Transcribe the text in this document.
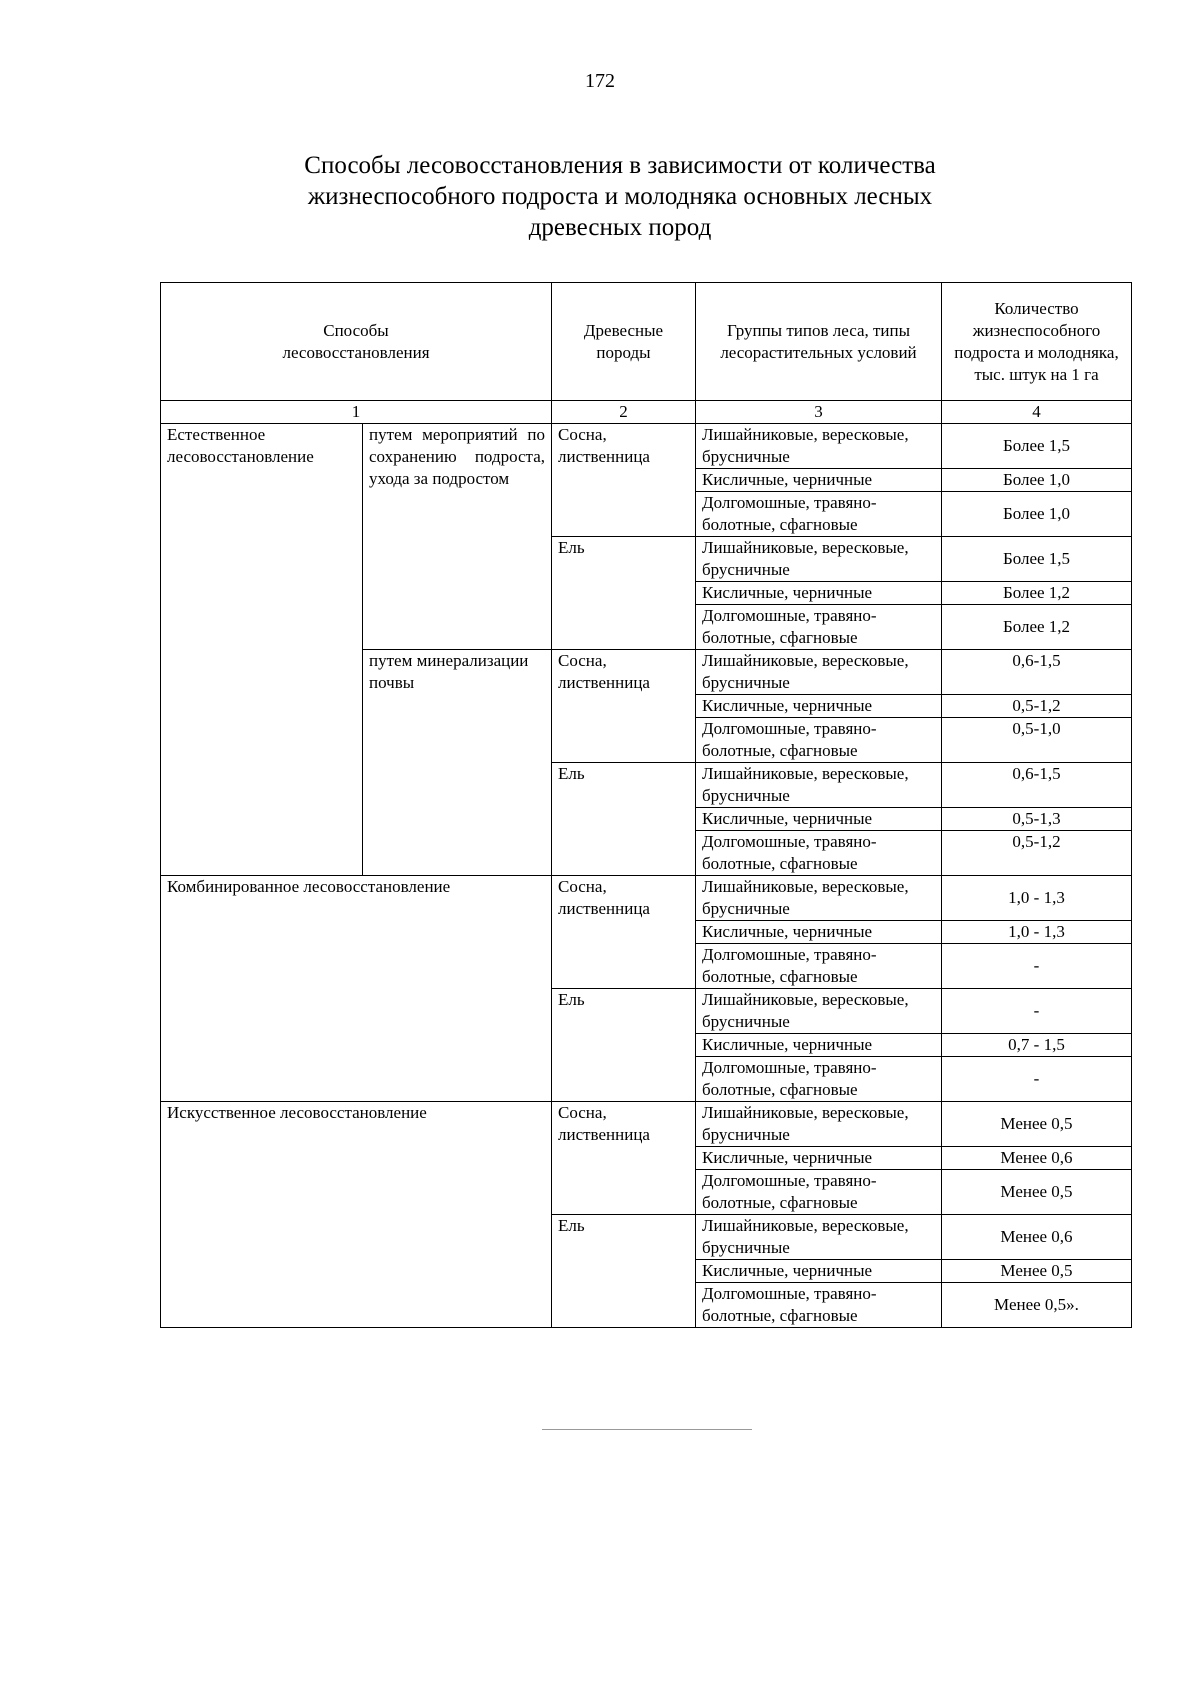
172
Способы лесовосстановления в зависимости от количества
жизнеспособного подроста и молодняка основных лесных
древесных пород
Способы лесовосстановления		Древесные породы	Группы типов леса, типы лесорастительных условий	Количество жизнеспособного подроста и молодняка, тыс. штук на 1 га
1		2	3	4
Естественное лесовосстановление	путем мероприятий по сохранению подроста, ухода за подростом	Сосна, лиственница	Лишайниковые, вересковые, брусничные	Более 1,5
			Кисличные, черничные	Более 1,0
			Долгомошные, травяно-болотные, сфагновые	Более 1,0
		Ель	Лишайниковые, вересковые, брусничные	Более 1,5
			Кисличные, черничные	Более 1,2
			Долгомошные, травяно-болотные, сфагновые	Более 1,2
	путем минерализации почвы	Сосна, лиственница	Лишайниковые, вересковые, брусничные	0,6-1,5
			Кисличные, черничные	0,5-1,2
			Долгомошные, травяно-болотные, сфагновые	0,5-1,0
		Ель	Лишайниковые, вересковые, брусничные	0,6-1,5
			Кисличные, черничные	0,5-1,3
			Долгомошные, травяно-болотные, сфагновые	0,5-1,2
Комбинированное лесовосстановление		Сосна, лиственница	Лишайниковые, вересковые, брусничные	1,0 - 1,3
			Кисличные, черничные	1,0 - 1,3
			Долгомошные, травяно-болотные, сфагновые	-
		Ель	Лишайниковые, вересковые, брусничные	-
			Кисличные, черничные	0,7 - 1,5
			Долгомошные, травяно-болотные, сфагновые	-
Искусственное лесовосстановление		Сосна, лиственница	Лишайниковые, вересковые, брусничные	Менее 0,5
			Кисличные, черничные	Менее 0,6
			Долгомошные, травяно-болотные, сфагновые	Менее 0,5
		Ель	Лишайниковые, вересковые, брусничные	Менее 0,6
			Кисличные, черничные	Менее 0,5
			Долгомошные, травяно-болотные, сфагновые	Менее 0,5».
